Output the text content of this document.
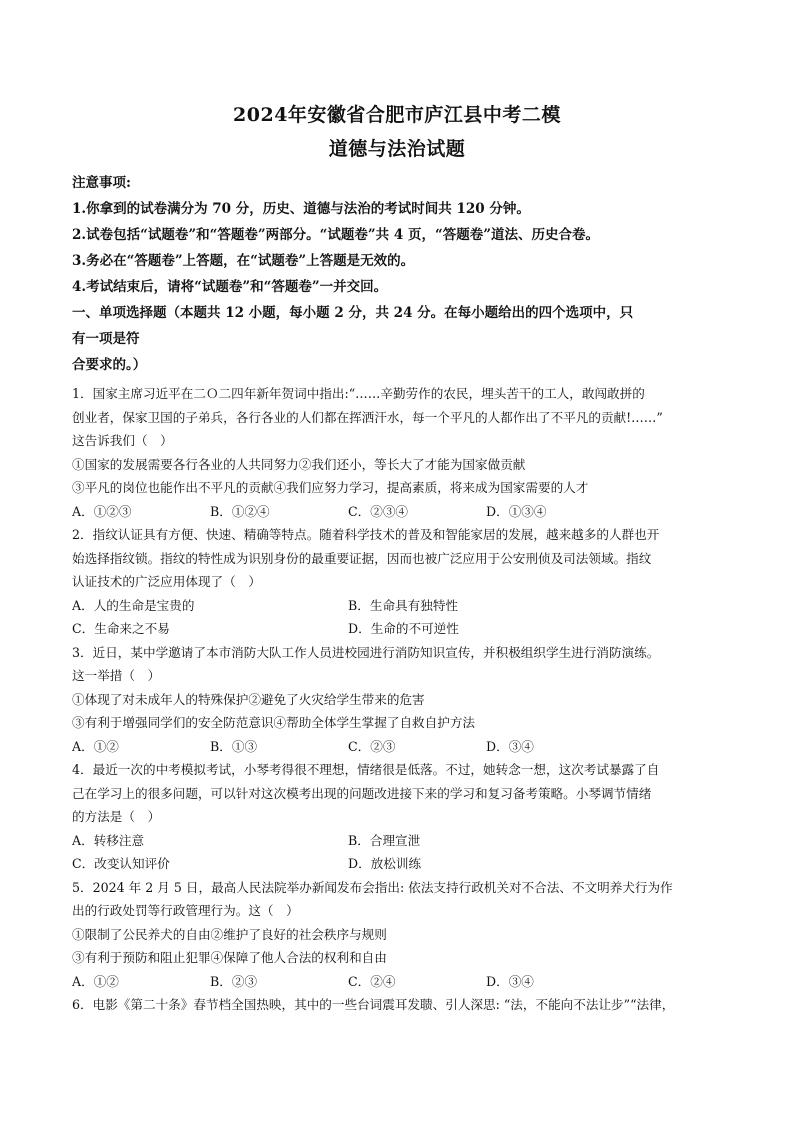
2024年安徽省合肥市庐江县中考二模
道德与法治试题
注意事项:
1.你拿到的试卷满分为 70 分，历史、道德与法治的考试时间共 120 分钟。
2.试卷包括“试题卷”和“答题卷”两部分。“试题卷”共 4 页，“答题卷”道法、历史合卷。
3.务必在“答题卷”上答题，在“试题卷”上答题是无效的。
4.考试结束后，请将“试题卷”和“答题卷”一并交回。
一、单项选择题（本题共 12 小题，每小题 2 分，共 24 分。在每小题给出的四个选项中，只
有一项是符
合要求的。）
1．国家主席习近平在二Ｏ二四年新年贺词中指出:“……辛勤劳作的农民，埋头苦干的工人，敢闯敢拼的
创业者，保家卫国的子弟兵，各行各业的人们都在挥洒汗水，每一个平凡的人都作出了不平凡的贡献!……”
这告诉我们（　）
①国家的发展需要各行各业的人共同努力②我们还小，等长大了才能为国家做贡献
③平凡的岗位也能作出不平凡的贡献④我们应努力学习，提高素质，将来成为国家需要的人才
A．①②③	B．①②④	C．②③④	D．①③④
2．指纹认证具有方便、快速、精确等特点。随着科学技术的普及和智能家居的发展，越来越多的人群也开
始选择指纹锁。指纹的特性成为识别身份的最重要证据，因而也被广泛应用于公安刑侦及司法领域。指纹
认证技术的广泛应用体现了（　）
A．人的生命是宝贵的	B．生命具有独特性
C．生命来之不易	D．生命的不可逆性
3．近日，某中学邀请了本市消防大队工作人员进校园进行消防知识宣传，并积极组织学生进行消防演练。
这一举措（　）
①体现了对未成年人的特殊保护②避免了火灾给学生带来的危害
③有利于增强同学们的安全防范意识④帮助全体学生掌握了自救自护方法
A．①②	B．①③	C．②③	D．③④
4．最近一次的中考模拟考试，小琴考得很不理想，情绪很是低落。不过，她转念一想，这次考试暴露了自
己在学习上的很多问题，可以针对这次模考出现的问题改进接下来的学习和复习备考策略。小琴调节情绪
的方法是（　）
A．转移注意	B．合理宣泄
C．改变认知评价	D．放松训练
5．2024 年 2 月 5 日，最高人民法院举办新闻发布会指出: 依法支持行政机关对不合法、不文明养犬行为作
出的行政处罚等行政管理行为。这（　）
①限制了公民养犬的自由②维护了良好的社会秩序与规则
③有利于预防和阻止犯罪④保障了他人合法的权利和自由
A．①②	B．②③	C．②④	D．③④
6．电影《第二十条》春节档全国热映，其中的一些台词震耳发聩、引人深思: “法，不能向不法让步”“法律，
